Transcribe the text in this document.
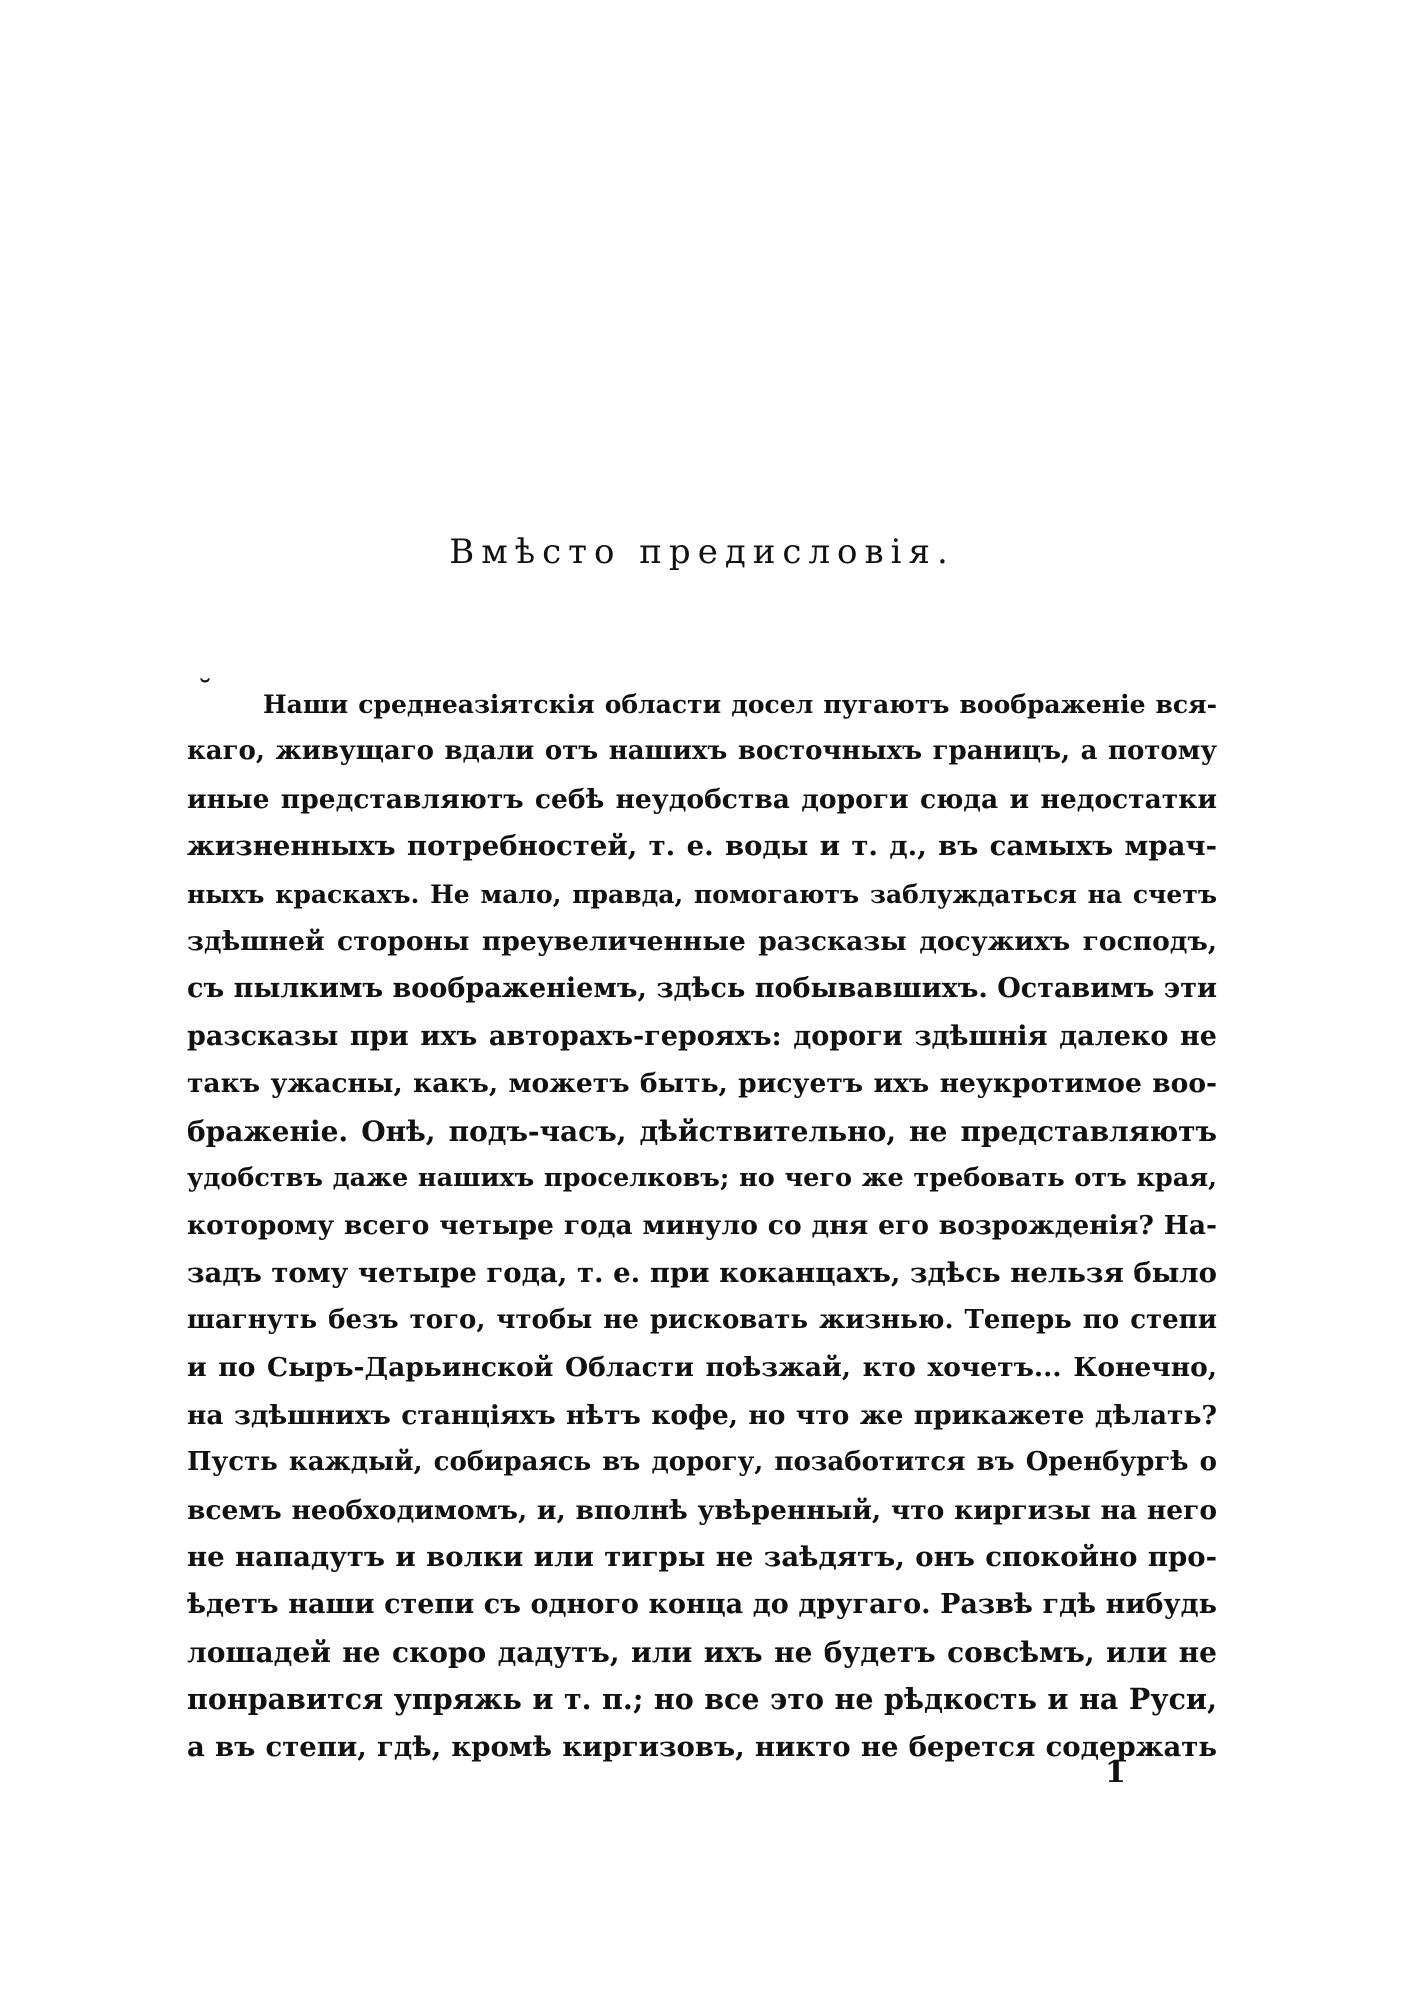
Вмѣсто предисловія.
˘	Наши среднеазіятскія области досел пугаютъ воображеніе вся-
каго, живущаго вдали отъ нашихъ восточныхъ границъ, а потому
иные представляютъ себѣ неудобства дороги сюда и недостатки
жизненныхъ потребностей, т. е. воды и т. д., въ самыхъ мрач-
ныхъ краскахъ. Не мало, правда, помогаютъ заблуждаться на счетъ
здѣшней стороны преувеличенные разсказы досужихъ господъ,
съ пылкимъ воображеніемъ, здѣсь побывавшихъ. Оставимъ эти
разсказы при ихъ авторахъ-герояхъ: дороги здѣшнія далеко не
такъ ужасны, какъ, можетъ быть, рисуетъ ихъ неукротимое воо-
браженіе. Онѣ, подъ-часъ, дѣйствительно, не представляютъ
удобствъ даже нашихъ проселковъ; но чего же требовать отъ края,
которому всего четыре года минуло со дня его возрожденія? На-
задъ тому четыре года, т. е. при коканцахъ, здѣсь нельзя было
шагнуть безъ того, чтобы не рисковать жизнью. Теперь по степи
и по Сыръ-Дарьинской Области поѣзжай, кто хочетъ... Конечно,
на здѣшнихъ станціяхъ нѣтъ кофе, но что же прикажете дѣлать?
Пусть каждый, собираясь въ дорогу, позаботится въ Оренбургѣ о
всемъ необходимомъ, и, вполнѣ увѣренный, что киргизы на него
не нападутъ и волки или тигры не заѣдятъ, онъ спокойно про-
ѣдетъ наши степи съ одного конца до другаго. Развѣ гдѣ нибудь
лошадей не скоро дадутъ, или ихъ не будетъ совсѣмъ, или не
понравится упряжь и т. п.; но все это не рѣдкость и на Руси,
а въ степи, гдѣ, кромѣ киргизовъ, никто не берется содержать
1
